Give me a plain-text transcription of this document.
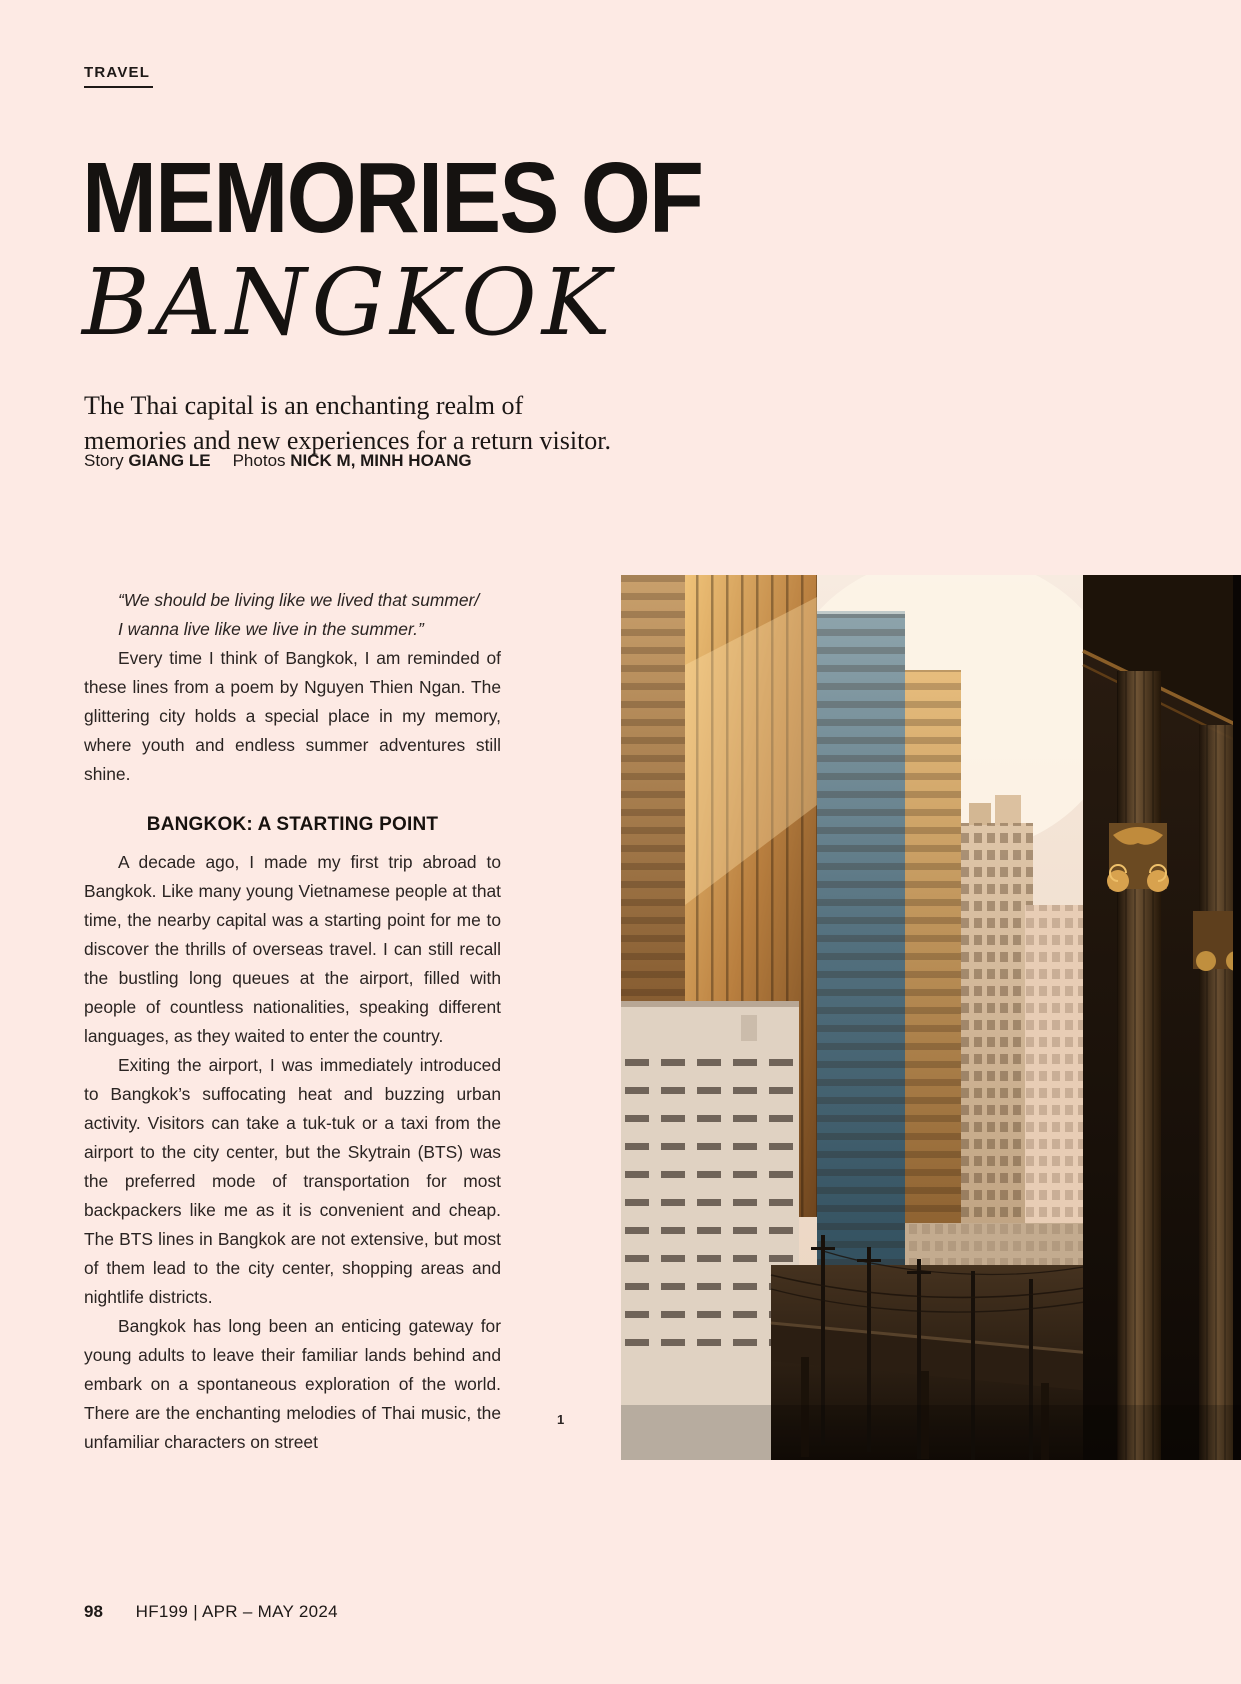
TRAVEL
MEMORIES OF
BANGKOK
The Thai capital is an enchanting realm of
memories and new experiences for a return visitor.
Story GIANG LE Photos NICK M, MINH HOANG
“We should be living like we lived that summer/
I wanna live like we live in the summer.”

Every time I think of Bangkok, I am reminded of these lines from a poem by Nguyen Thien Ngan. The glittering city holds a special place in my memory, where youth and endless summer adventures still shine.

BANGKOK: A STARTING POINT

A decade ago, I made my first trip abroad to Bangkok. Like many young Vietnamese people at that time, the nearby capital was a starting point for me to discover the thrills of overseas travel. I can still recall the bustling long queues at the airport, filled with people of countless nationalities, speaking different languages, as they waited to enter the country.

Exiting the airport, I was immediately introduced to Bangkok’s suffocating heat and buzzing urban activity. Visitors can take a tuk-tuk or a taxi from the airport to the city center, but the Skytrain (BTS) was the preferred mode of transportation for most backpackers like me as it is convenient and cheap. The BTS lines in Bangkok are not extensive, but most of them lead to the city center, shopping areas and nightlife districts.

Bangkok has long been an enticing gateway for young adults to leave their familiar lands behind and embark on a spontaneous exploration of the world. There are the enchanting melodies of Thai music, the unfamiliar characters on street

1
98 HF199 | APR – MAY 2024
